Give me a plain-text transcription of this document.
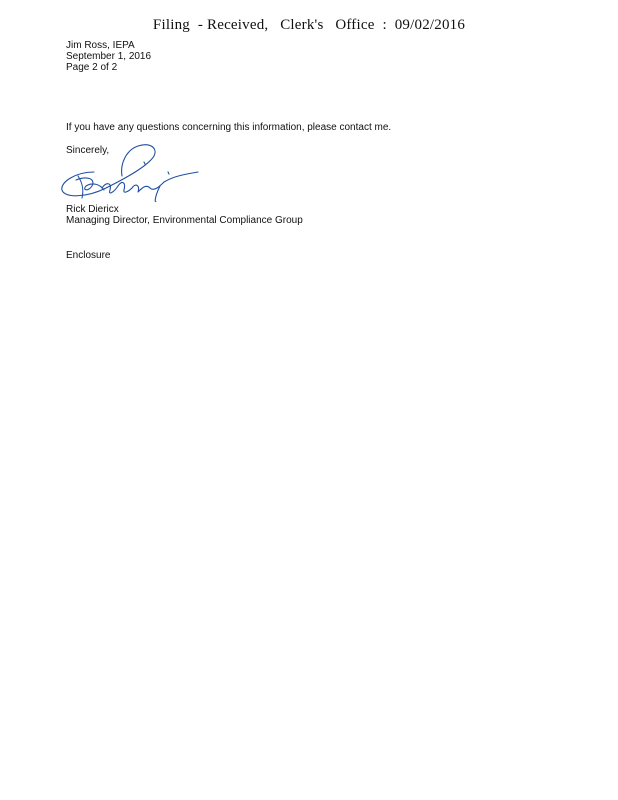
Filing  - Received,   Clerk's   Office  :  09/02/2016
Jim Ross, IEPA
September 1, 2016
Page 2 of 2
If you have any questions concerning this information, please contact me.
Sincerely,
Rick Diericx
Managing Director, Environmental Compliance Group
Enclosure
